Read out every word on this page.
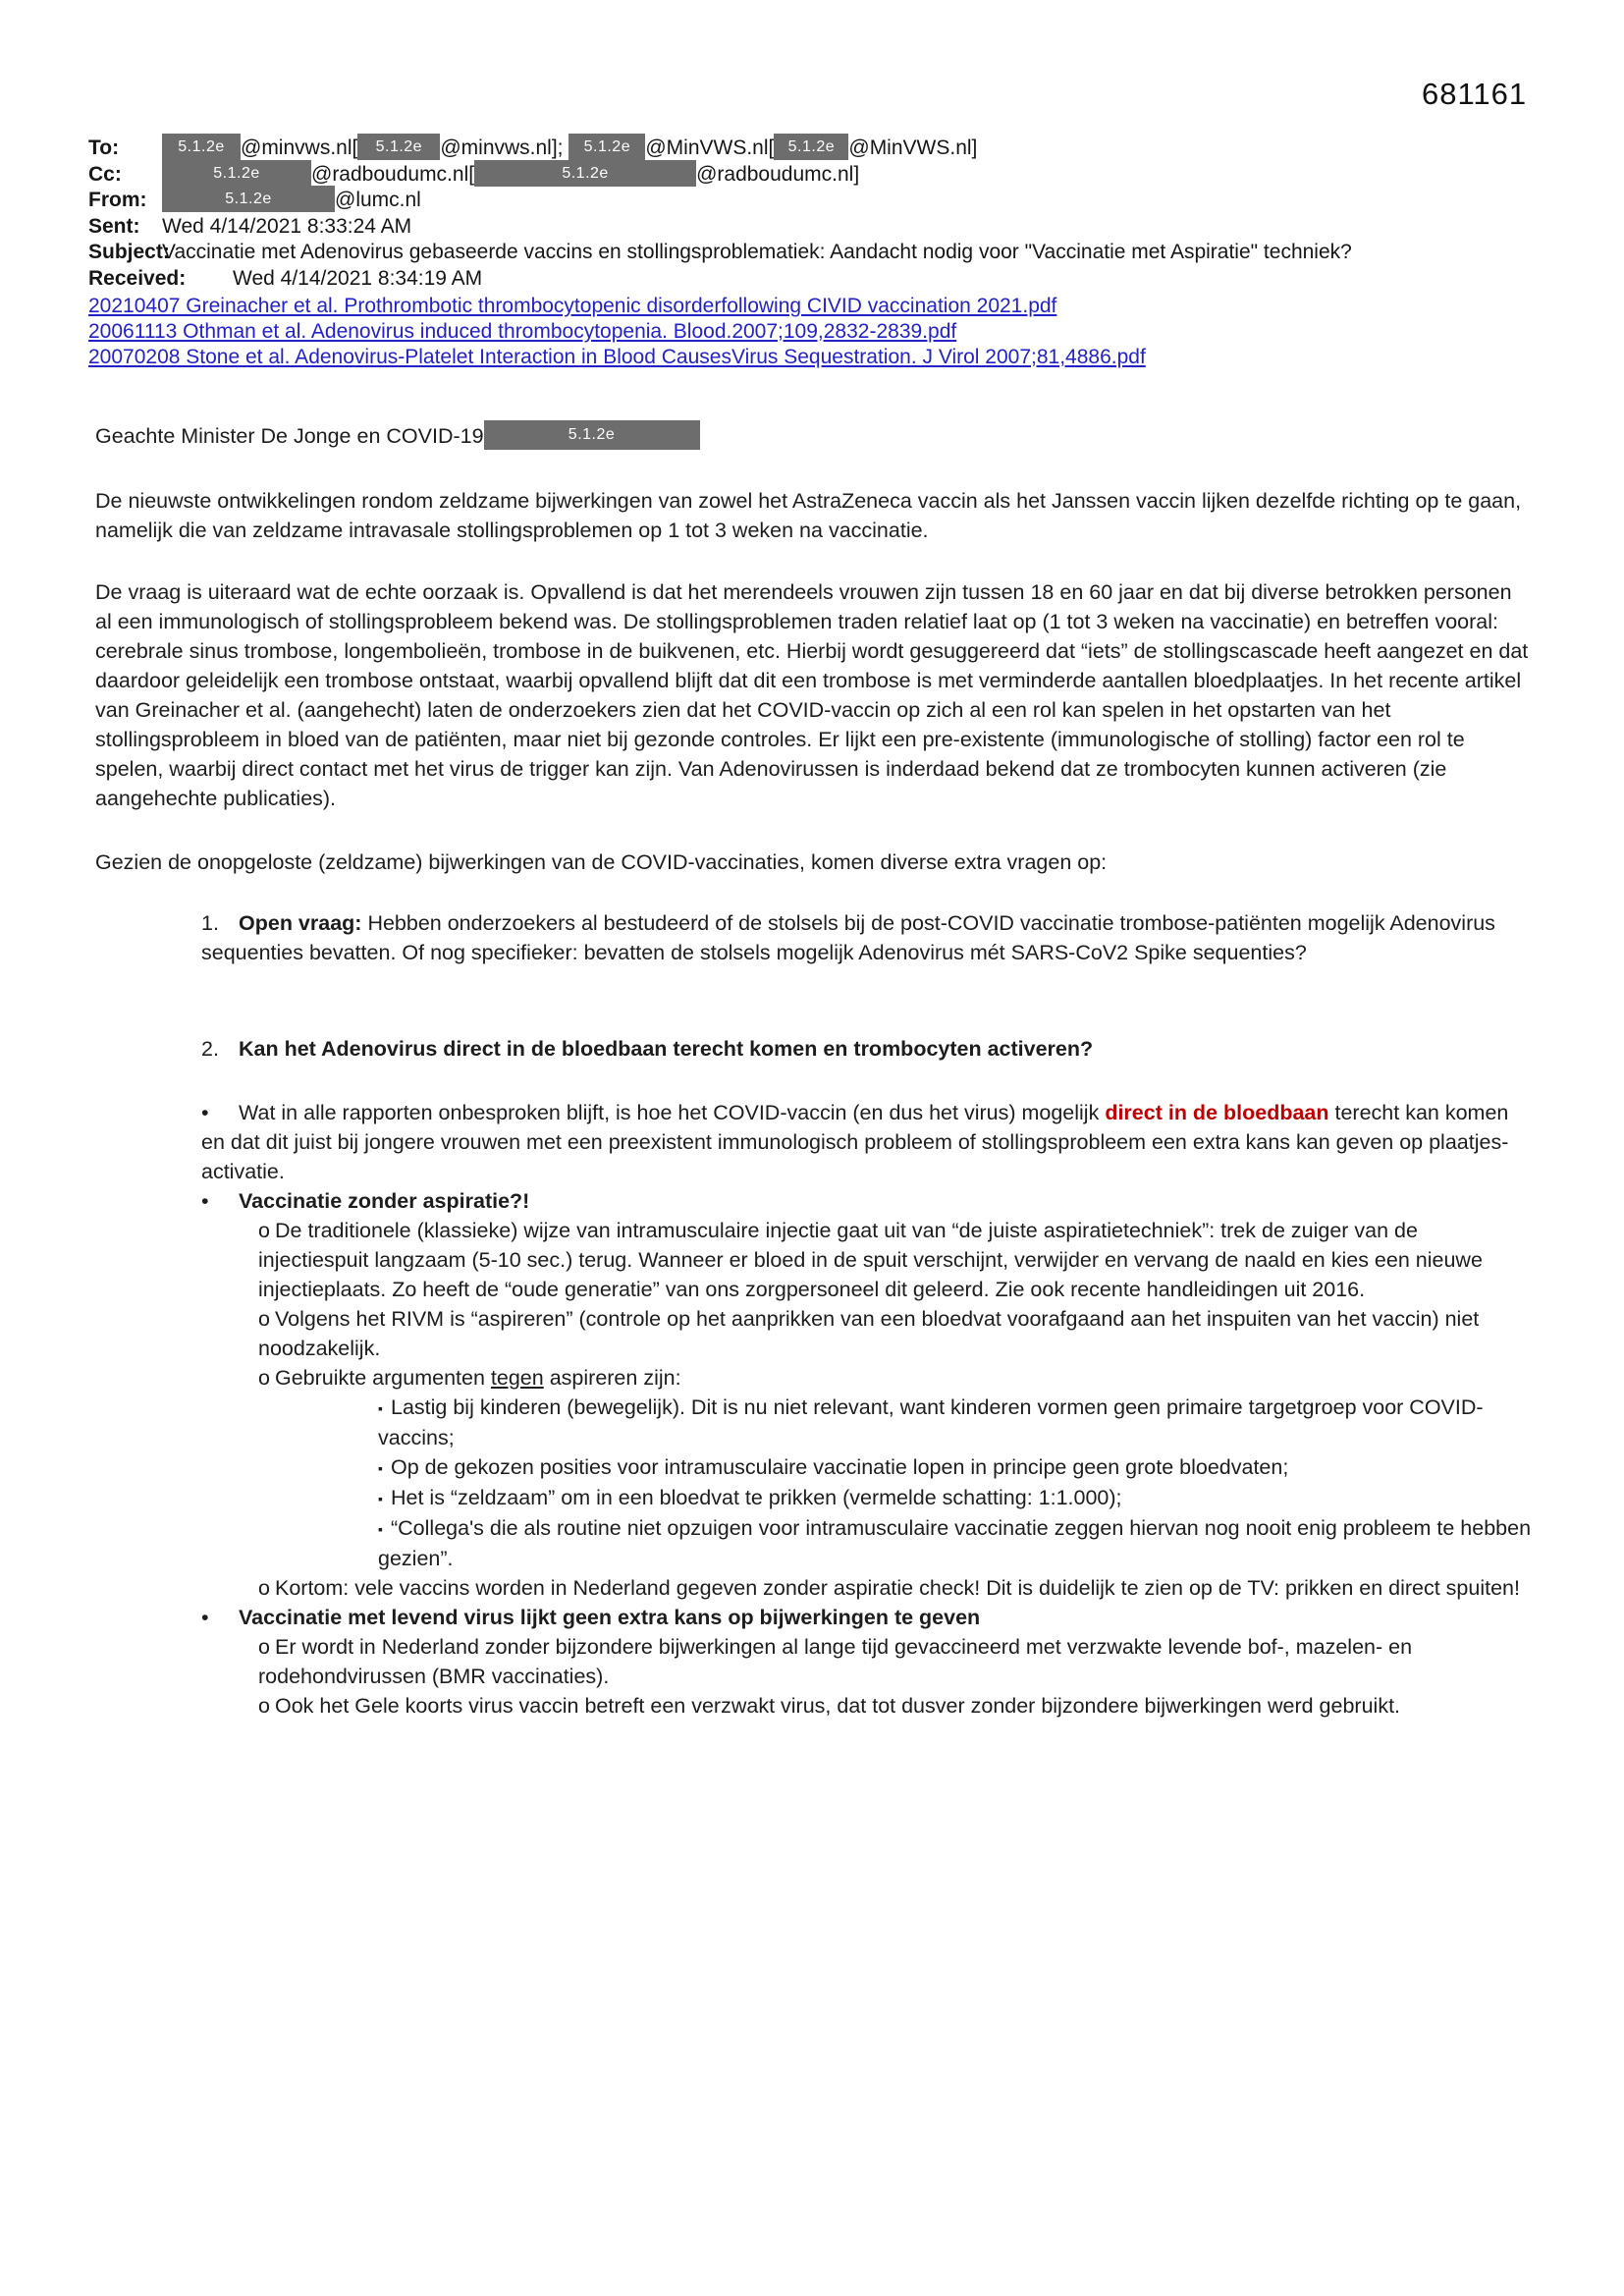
681161
To:	5.1.2e @minvws.nl[ 5.1.2e @minvws.nl]; 5.1.2e @MinVWS.nl[ 5.1.2e @MinVWS.nl]
Cc:	5.1.2e @radboudumc.nl[	5.1.2e	@radboudumc.nl]
From:	5.1.2e	@lumc.nl
Sent: Wed 4/14/2021 8:33:24 AM
Subject:Vaccinatie met Adenovirus gebaseerde vaccins en stollingsproblematiek: Aandacht nodig voor "Vaccinatie met Aspiratie" techniek?
Received: Wed 4/14/2021 8:34:19 AM
20210407 Greinacher et al. Prothrombotic thrombocytopenic disorderfollowing CIVID vaccination 2021.pdf
20061113 Othman et al. Adenovirus induced thrombocytopenia. Blood.2007;109,2832-2839.pdf
20070208 Stone et al. Adenovirus-Platelet Interaction in Blood CausesVirus Sequestration. J Virol 2007;81,4886.pdf

Geachte Minister De Jonge en COVID-19	5.1.2e

De nieuwste ontwikkelingen rondom zeldzame bijwerkingen van zowel het AstraZeneca vaccin als het Janssen vaccin lijken dezelfde richting op te gaan, namelijk die van zeldzame intravasale stollingsproblemen op 1 tot 3 weken na vaccinatie.

De vraag is uiteraard wat de echte oorzaak is. Opvallend is dat het merendeels vrouwen zijn tussen 18 en 60 jaar en dat bij diverse betrokken personen al een immunologisch of stollingsprobleem bekend was. De stollingsproblemen traden relatief laat op (1 tot 3 weken na vaccinatie) en betreffen vooral: cerebrale sinus trombose, longembolieën, trombose in de buikvenen, etc. Hierbij wordt gesuggereerd dat “iets” de stollingscascade heeft aangezet en dat daardoor geleidelijk een trombose ontstaat, waarbij opvallend blijft dat dit een trombose is met verminderde aantallen bloedplaatjes. In het recente artikel van Greinacher et al. (aangehecht) laten de onderzoekers zien dat het COVID-vaccin op zich al een rol kan spelen in het opstarten van het stollingsprobleem in bloed van de patiënten, maar niet bij gezonde controles. Er lijkt een pre-existente (immunologische of stolling) factor een rol te spelen, waarbij direct contact met het virus de trigger kan zijn. Van Adenovirussen is inderdaad bekend dat ze trombocyten kunnen activeren (zie aangehechte publicaties).

Gezien de onopgeloste (zeldzame) bijwerkingen van de COVID-vaccinaties, komen diverse extra vragen op:

1. Open vraag: Hebben onderzoekers al bestudeerd of de stolsels bij de post-COVID vaccinatie trombose-patiënten mogelijk Adenovirus sequenties bevatten. Of nog specifieker: bevatten de stolsels mogelijk Adenovirus mét SARS-CoV2 Spike sequenties?
2. Kan het Adenovirus direct in de bloedbaan terecht komen en trombocyten activeren?
• Wat in alle rapporten onbesproken blijft, is hoe het COVID-vaccin (en dus het virus) mogelijk direct in de bloedbaan terecht kan komen en dat dit juist bij jongere vrouwen met een preexistent immunologisch probleem of stollingsprobleem een extra kans kan geven op plaatjes-activatie.
• Vaccinatie zonder aspiratie?!
o De traditionele (klassieke) wijze van intramusculaire injectie gaat uit van “de juiste aspiratietechniek”: trek de zuiger van de injectiespuit langzaam (5-10 sec.) terug. Wanneer er bloed in de spuit verschijnt, verwijder en vervang de naald en kies een nieuwe injectieplaats. Zo heeft de “oude generatie” van ons zorgpersoneel dit geleerd. Zie ook recente handleidingen uit 2016.
o Volgens het RIVM is “aspireren” (controle op het aanprikken van een bloedvat voorafgaand aan het inspuiten van het vaccin) niet noodzakelijk.
o Gebruikte argumenten tegen aspireren zijn:
▪ Lastig bij kinderen (bewegelijk). Dit is nu niet relevant, want kinderen vormen geen primaire targetgroep voor COVID-vaccins;
▪ Op de gekozen posities voor intramusculaire vaccinatie lopen in principe geen grote bloedvaten;
▪ Het is “zeldzaam” om in een bloedvat te prikken (vermelde schatting: 1:1.000);
▪ “Collega's die als routine niet opzuigen voor intramusculaire vaccinatie zeggen hiervan nog nooit enig probleem te hebben gezien”.
o Kortom: vele vaccins worden in Nederland gegeven zonder aspiratie check! Dit is duidelijk te zien op de TV: prikken en direct spuiten!
• Vaccinatie met levend virus lijkt geen extra kans op bijwerkingen te geven
o Er wordt in Nederland zonder bijzondere bijwerkingen al lange tijd gevaccineerd met verzwakte levende bof-, mazelen- en rodehondvirussen (BMR vaccinaties).
o Ook het Gele koorts virus vaccin betreft een verzwakt virus, dat tot dusver zonder bijzondere bijwerkingen werd gebruikt.
